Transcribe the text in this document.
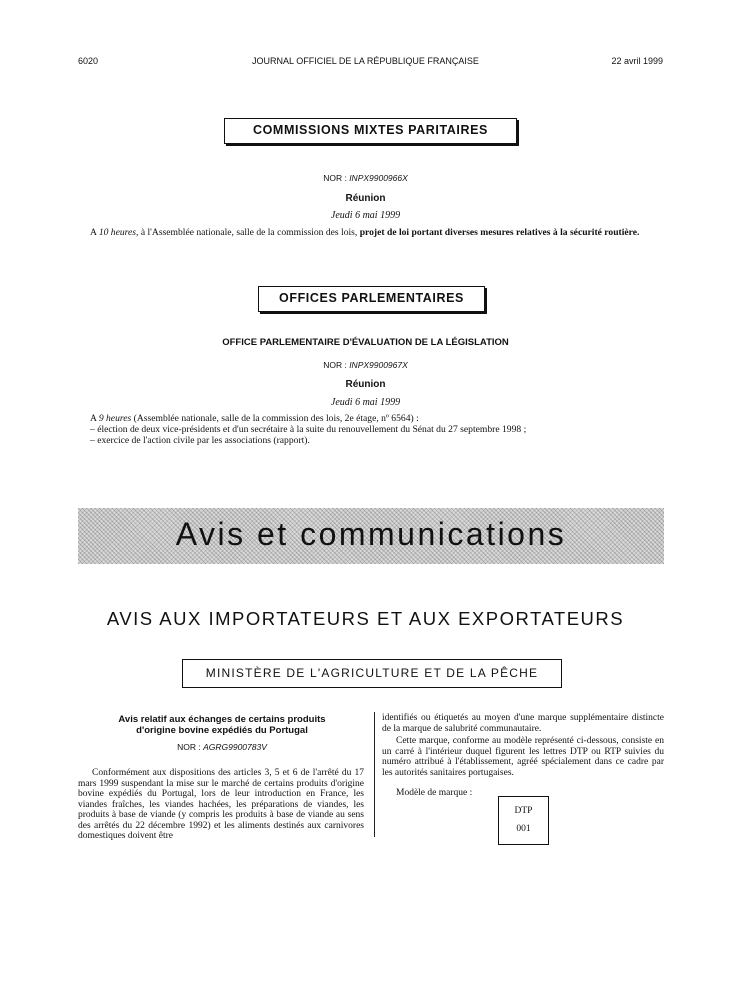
6020	JOURNAL OFFICIEL DE LA RÉPUBLIQUE FRANÇAISE	22 avril 1999
COMMISSIONS MIXTES PARITAIRES
NOR : INPX9900966X
Réunion
Jeudi 6 mai 1999
A 10 heures, à l'Assemblée nationale, salle de la commission des lois, projet de loi portant diverses mesures relatives à la sécurité routière.
OFFICES PARLEMENTAIRES
OFFICE PARLEMENTAIRE D'ÉVALUATION DE LA LÉGISLATION
NOR : INPX9900967X
Réunion
Jeudi 6 mai 1999
A 9 heures (Assemblée nationale, salle de la commission des lois, 2e étage, nº 6564) :
– élection de deux vice-présidents et d'un secrétaire à la suite du renouvellement du Sénat du 27 septembre 1998 ;
– exercice de l'action civile par les associations (rapport).
Avis et communications
AVIS AUX IMPORTATEURS ET AUX EXPORTATEURS
MINISTÈRE DE L'AGRICULTURE ET DE LA PÊCHE
Avis relatif aux échanges de certains produits
d'origine bovine expédiés du Portugal
NOR : AGRG9900783V

Conformément aux dispositions des articles 3, 5 et 6 de l'arrêté du 17 mars 1999 suspendant la mise sur le marché de certains produits d'origine bovine expédiés du Portugal, lors de leur introduction en France, les viandes fraîches, les viandes hachées, les préparations de viandes, les produits à base de viande (y compris les produits à base de viande au sens des arrêtés du 22 décembre 1992) et les aliments destinés aux carnivores domestiques doivent être

identifiés ou étiquetés au moyen d'une marque supplémentaire distincte de la marque de salubrité communautaire.

Cette marque, conforme au modèle représenté ci-dessous, consiste en un carré à l'intérieur duquel figurent les lettres DTP ou RTP suivies du numéro attribué à l'établissement, agréé spécialement dans ce cadre par les autorités sanitaires portugaises.

Modèle de marque :

DTP
001
